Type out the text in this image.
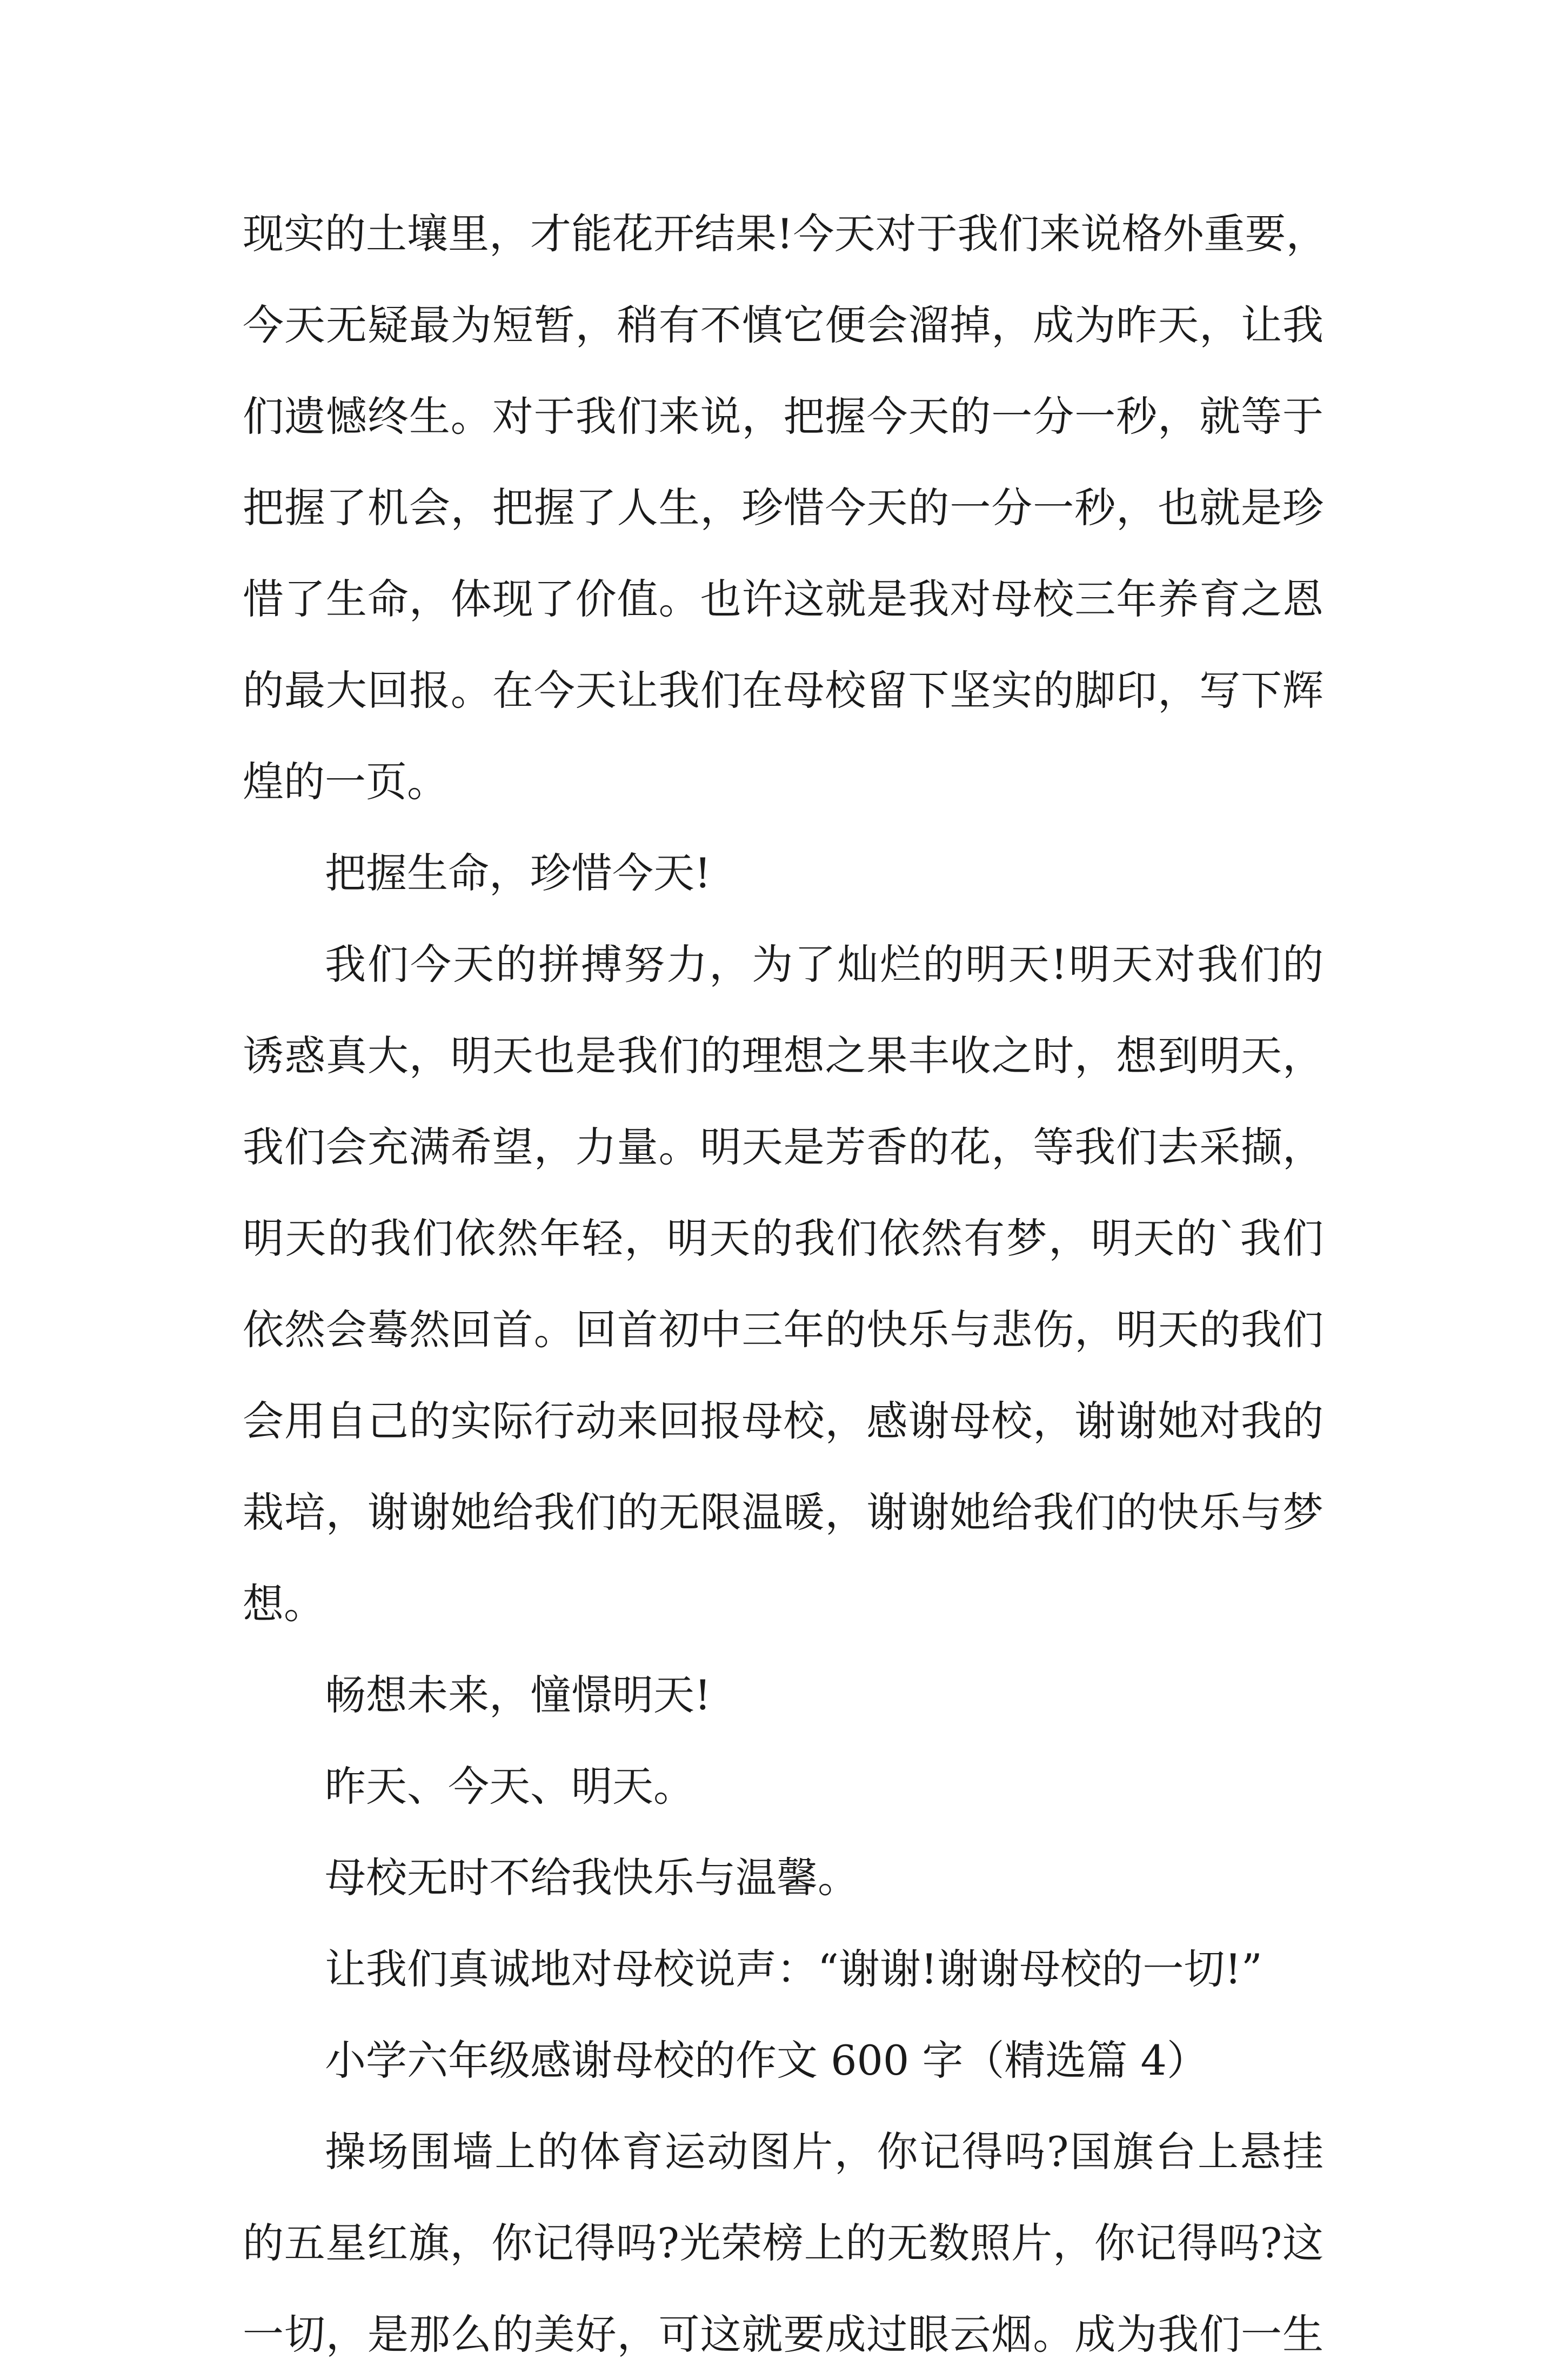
现实的土壤里，才能花开结果!今天对于我们来说格外重要，
今天无疑最为短暂，稍有不慎它便会溜掉，成为昨天，让我
们遗憾终生。对于我们来说，把握今天的一分一秒，就等于
把握了机会，把握了人生，珍惜今天的一分一秒，也就是珍
惜了生命，体现了价值。也许这就是我对母校三年养育之恩
的最大回报。在今天让我们在母校留下坚实的脚印，写下辉
煌的一页。
把握生命，珍惜今天!
我们今天的拼搏努力，为了灿烂的明天!明天对我们的
诱惑真大，明天也是我们的理想之果丰收之时，想到明天，
我们会充满希望，力量。明天是芳香的花，等我们去采撷，
明天的我们依然年轻，明天的我们依然有梦，明天的`我们
依然会蓦然回首。回首初中三年的快乐与悲伤，明天的我们
会用自己的实际行动来回报母校，感谢母校，谢谢她对我的
栽培，谢谢她给我们的无限温暖，谢谢她给我们的快乐与梦
想。
畅想未来，憧憬明天!
昨天、今天、明天。
母校无时不给我快乐与温馨。
让我们真诚地对母校说声：“谢谢!谢谢母校的一切!”
小学六年级感谢母校的作文 600 字（精选篇 4）
操场围墙上的体育运动图片，你记得吗?国旗台上悬挂
的五星红旗，你记得吗?光荣榜上的无数照片，你记得吗?这
一切，是那么的美好，可这就要成过眼云烟。成为我们一生
